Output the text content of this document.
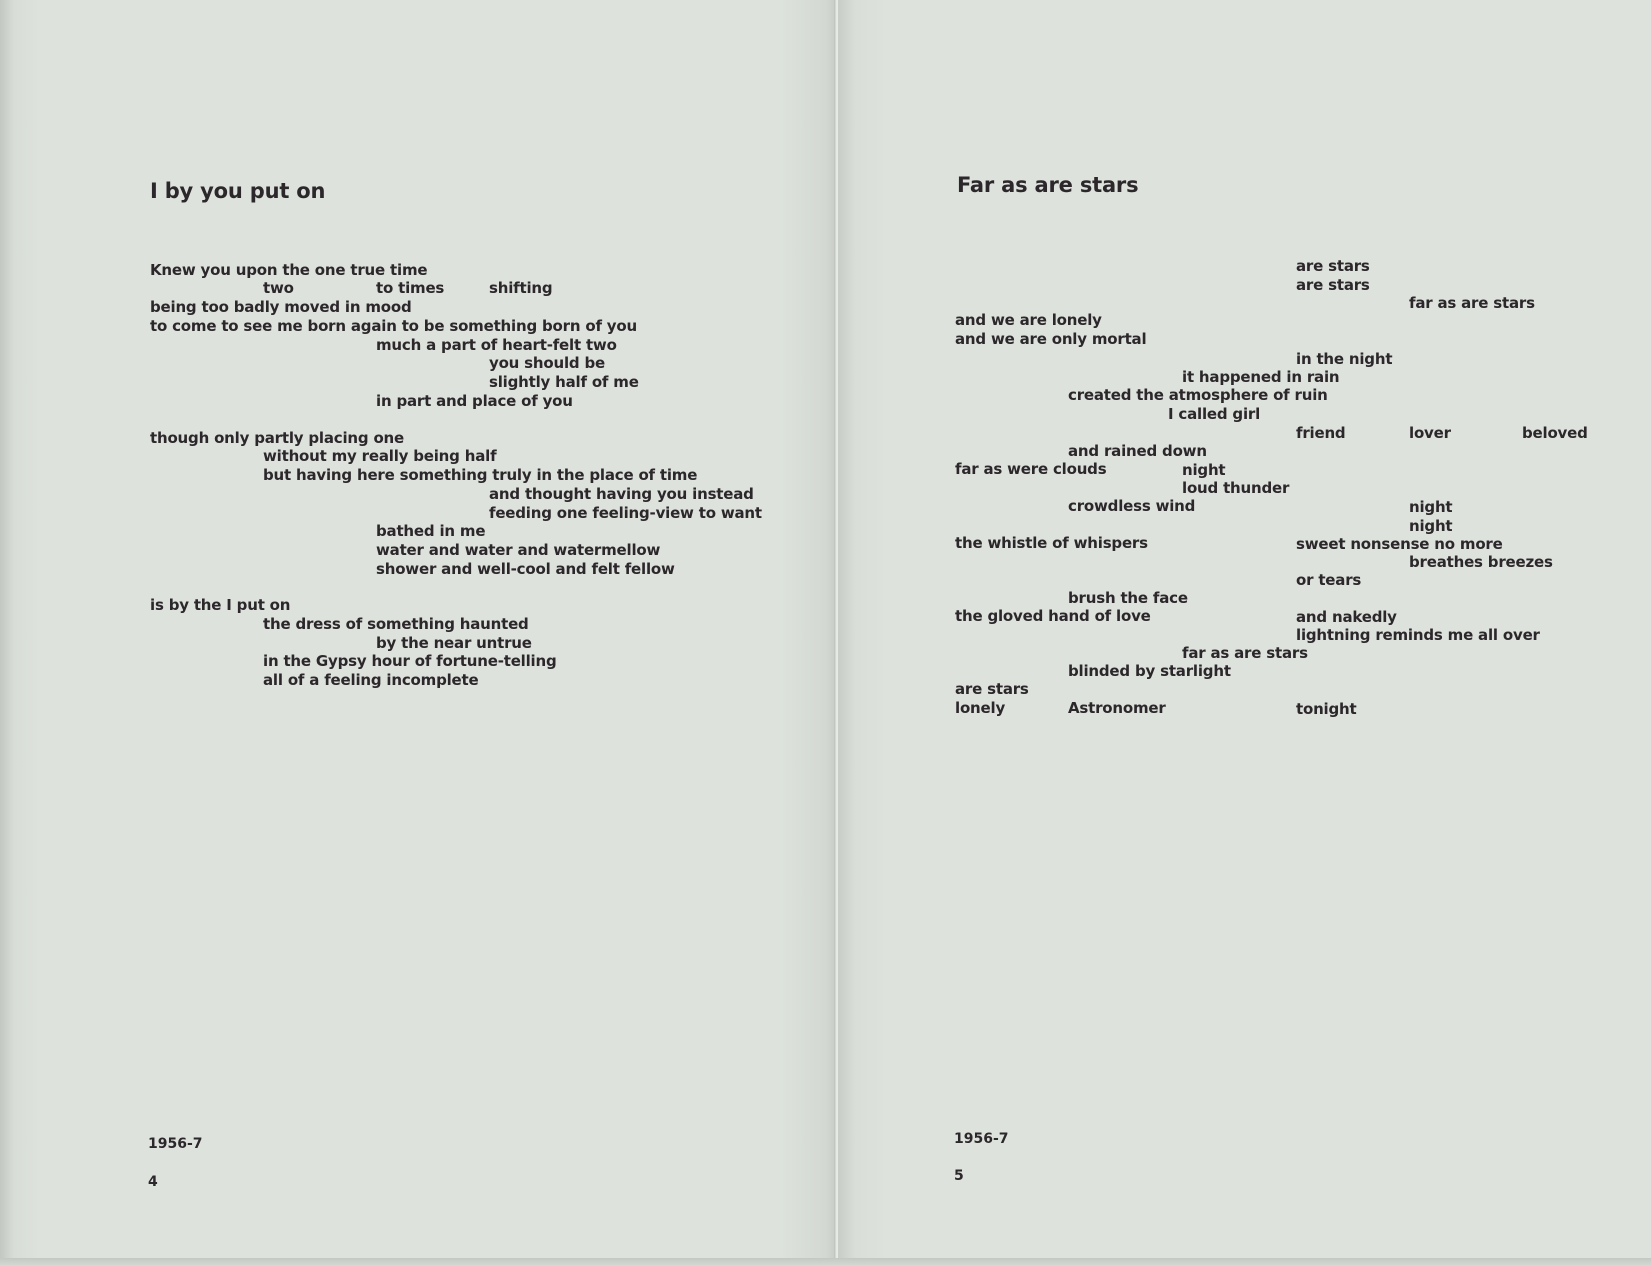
I by you put on

Knew you upon the one true time

two	to times	shifting

being too badly moved in mood

to come to see me born again to be something born of you

much a part of heart-felt two

you should be

slightly half of me

in part and place of you

though only partly placing one

without my really being half

but having here something truly in the place of time

and thought having you instead

feeding one feeling-view to want

bathed in me

water and water and watermellow

shower and well-cool and felt fellow

is by the I put on

the dress of something haunted

by the near untrue

in the Gypsy hour of fortune-telling

all of a feeling incomplete

1956-7

4

Far as are stars

are stars

are stars

far as are stars

and we are lonely

and we are only mortal

in the night

it happened in rain

created the atmosphere of ruin

I called girl

friend	lover	beloved

and rained down

far as were clouds	night

loud thunder

crowdless wind	night

night

the whistle of whispers	sweet nonsense no more

breathes breezes

or tears

brush the face

the gloved hand of love	and nakedly

lightning reminds me all over

far as are stars

blinded by starlight

are stars

lonely	Astronomer	tonight

1956-7

5
